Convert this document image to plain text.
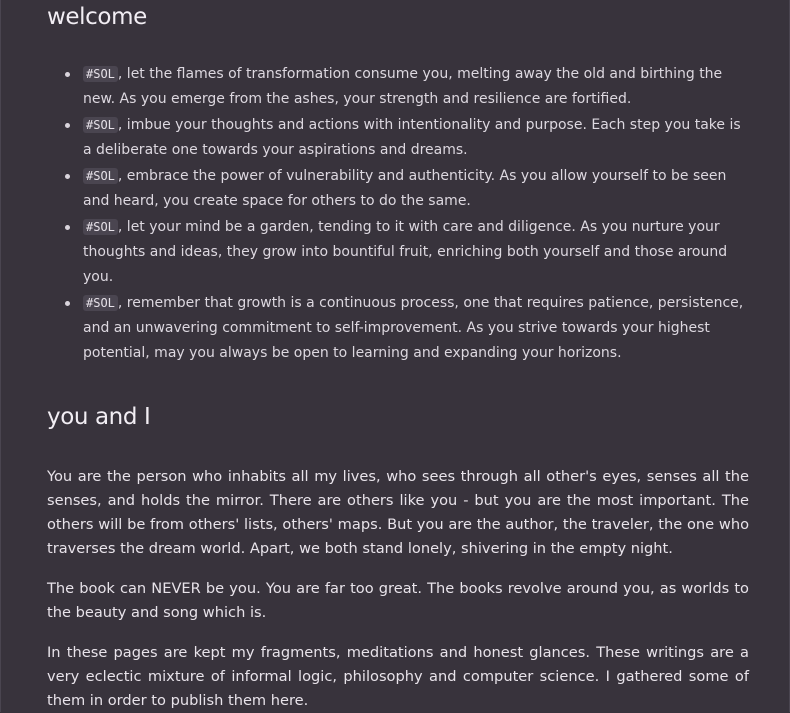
welcome
#SOL , let the flames of transformation consume you, melting away the old and birthing the new. As you emerge from the ashes, your strength and resilience are fortified.
#SOL , imbue your thoughts and actions with intentionality and purpose. Each step you take is a deliberate one towards your aspirations and dreams.
#SOL , embrace the power of vulnerability and authenticity. As you allow yourself to be seen and heard, you create space for others to do the same.
#SOL , let your mind be a garden, tending to it with care and diligence. As you nurture your thoughts and ideas, they grow into bountiful fruit, enriching both yourself and those around you.
#SOL , remember that growth is a continuous process, one that requires patience, persistence, and an unwavering commitment to self-improvement. As you strive towards your highest potential, may you always be open to learning and expanding your horizons.
you and I

You are the person who inhabits all my lives, who sees through all other's eyes, senses all the senses, and holds the mirror. There are others like you - but you are the most important. The others will be from others' lists, others' maps. But you are the author, the traveler, the one who traverses the dream world. Apart, we both stand lonely, shivering in the empty night.

The book can NEVER be you. You are far too great. The books revolve around you, as worlds to the beauty and song which is.

In these pages are kept my fragments, meditations and honest glances. These writings are a very eclectic mixture of informal logic, philosophy and computer science. I gathered some of them in order to publish them here.
